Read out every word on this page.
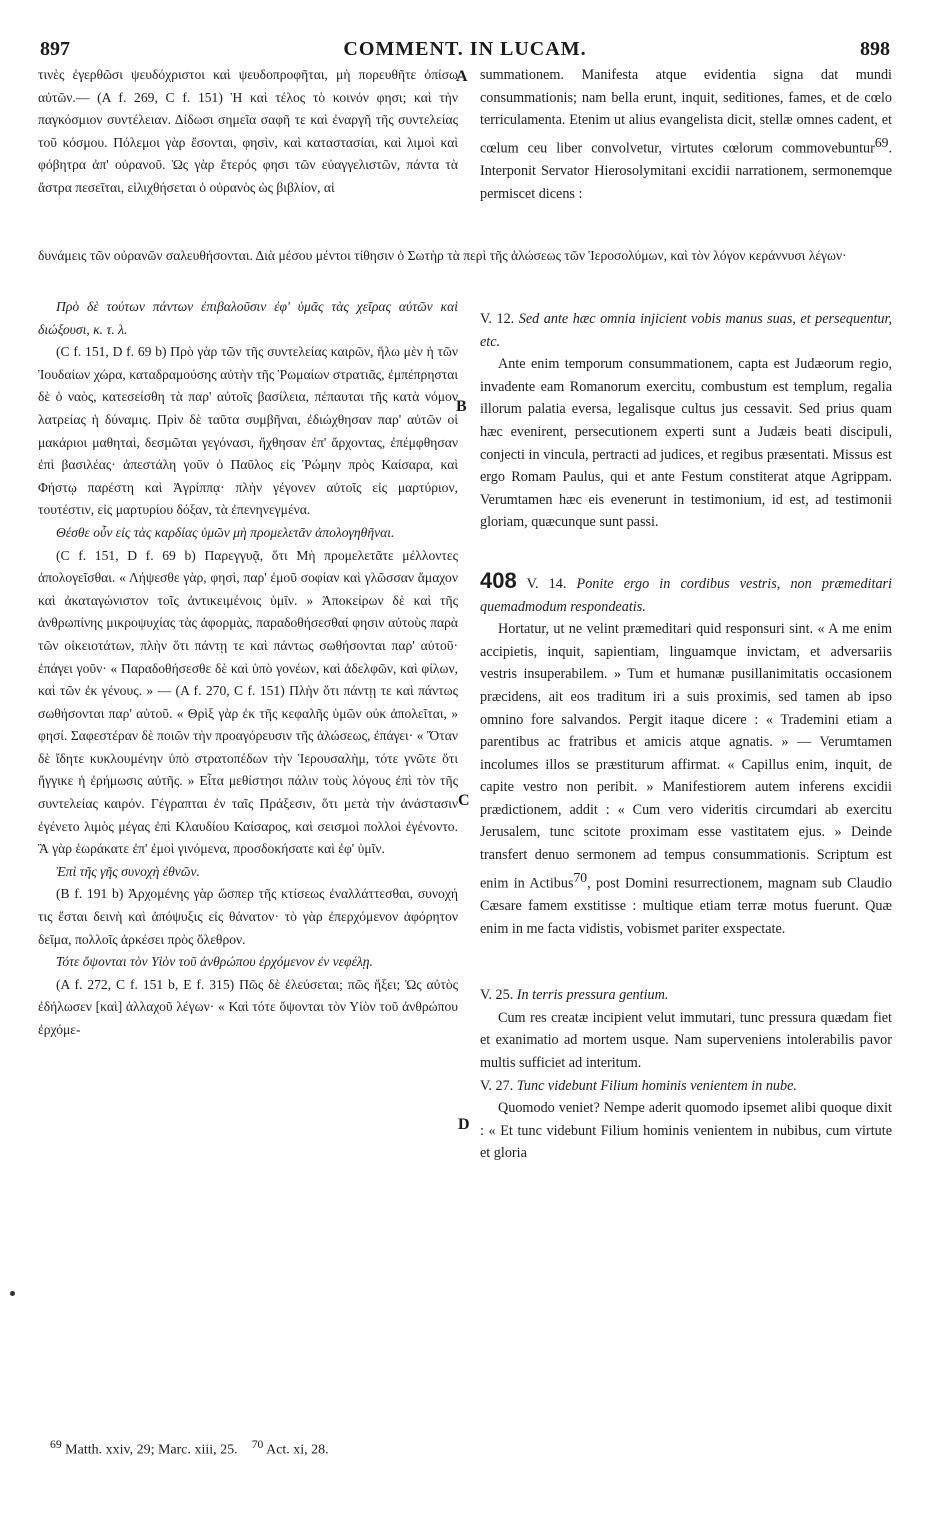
897	COMMENT. IN LUCAM.	898

τινὲς ἐγερθῶσι ψευδόχριστοι καὶ ψευδοπροφῆται, μὴ πορευθῆτε ὀπίσω αὐτῶν.— (A f. 269, C f. 151) Ἡ καὶ τέλος τὸ κοινόν φησι; καὶ τὴν παγκόσμιον συντέλειαν. Δίδωσι σημεῖα σαφῆ τε καὶ ἐναργῆ τῆς συντελείας τοῦ κόσμου. Πόλεμοι γὰρ ἔσονται, φησὶν, καὶ καταστασίαι, καὶ λιμοὶ καὶ φόβητρα ἀπ' οὐρανοῦ. Ὡς γὰρ ἕτερός φησι τῶν εὐαγγελιστῶν, πάντα τὰ ἄστρα πεσεῖται, εἱλιχθήσεται ὁ οὐρανὸς ὡς βιβλίον, αἱ

δυνάμεις τῶν οὐρανῶν σαλευθήσονται. Διὰ μέσου μέντοι τίθησιν ὁ Σωτὴρ τὰ περὶ τῆς ἁλώσεως τῶν Ἱεροσολύμων, καὶ τὸν λόγον κεράννυσι λέγων·

Πρὸ δὲ τούτων πάντων ἐπιβαλοῦσιν ἐφ' ὑμᾶς τὰς χεῖρας αὐτῶν καὶ διώξουσι, κ. τ. λ.

(C f. 151, D f. 69 b) Πρὸ γὰρ τῶν τῆς συντελείας καιρῶν, ἥλω μὲν ἡ τῶν Ἰουδαίων χώρα, καταδραμούσης αὐτὴν τῆς Ῥωμαίων στρατιᾶς, ἐμπέπρησται δὲ ὁ ναὸς, κατεσείσθη τὰ παρ' αὐτοῖς βασίλεια, πέπαυται τῆς κατὰ νόμον λατρείας ἡ δύναμις. Πρὶν δὲ ταῦτα συμβῆναι, ἐδιώχθησαν παρ' αὐτῶν οἱ μακάριοι μαθηταὶ, δεσμῶται γεγόνασι, ἤχθησαν ἐπ' ἄρχοντας, ἐπέμφθησαν ἐπὶ βασιλέας· ἀπεστάλη γοῦν ὁ Παῦλος εἰς Ῥώμην πρὸς Καίσαρα, καὶ Φήστῳ παρέστη καὶ Ἀγρίππᾳ· πλὴν γέγονεν αὐτοῖς εἰς μαρτύριον, τουτέστιν, εἰς μαρτυρίου δόξαν, τὰ ἐπενηνεγμένα.

Θέσθε οὖν εἰς τὰς καρδίας ὑμῶν μὴ προμελετᾶν ἀπολογηθῆναι.

(C f. 151, D f. 69 b) Παρεγγυᾷ, ὅτι Μὴ προμελετᾶτε μέλλοντες ἀπολογεῖσθαι. « Λήψεσθε γὰρ, φησὶ, παρ' ἐμοῦ σοφίαν καὶ γλῶσσαν ἄμαχον καὶ ἀκαταγώνιστον τοῖς ἀντικειμένοις ὑμῖν. » Ἀποκείρων δὲ καὶ τῆς ἀνθρωπίνης μικροψυχίας τὰς ἀφορμὰς, παραδοθήσεσθαί φησιν αὐτοὺς παρὰ τῶν οἰκειοτάτων, πλὴν ὅτι πάντῃ τε καὶ πάντως σωθήσονται παρ' αὐτοῦ· ἐπάγει γοῦν· « Παραδοθήσεσθε δὲ καὶ ὑπὸ γονέων, καὶ ἀδελφῶν, καὶ φίλων, καὶ τῶν ἐκ γένους. » — (A f. 270, C f. 151) Πλὴν ὅτι πάντῃ τε καὶ πάντως σωθήσονται παρ' αὐτοῦ. « Θρὶξ γὰρ ἐκ τῆς κεφαλῆς ὑμῶν οὐκ ἀπολεῖται, » φησί. Σαφεστέραν δὲ ποιῶν τὴν προαγόρευσιν τῆς ἁλώσεως, ἐπάγει· « Ὅταν δὲ ἴδητε κυκλουμένην ὑπὸ στρατοπέδων τὴν Ἱερουσαλὴμ, τότε γνῶτε ὅτι ἤγγικε ἡ ἐρήμωσις αὐτῆς. » Εἶτα μεθίστησι πάλιν τοὺς λόγους ἐπὶ τὸν τῆς συντελείας καιρόν. Γέγραπται ἐν ταῖς Πράξεσιν, ὅτι μετὰ τὴν ἀνάστασιν ἐγένετο λιμὸς μέγας ἐπὶ Κλαυδίου Καίσαρος, καὶ σεισμοὶ πολλοὶ ἐγένοντο. Ἃ γὰρ ἑωράκατε ἐπ' ἐμοὶ γινόμενα, προσδοκήσατε καὶ ἐφ' ὑμῖν.

Ἐπὶ τῆς γῆς συνοχὴ ἐθνῶν.

(B f. 191 b) Ἀρχομένης γὰρ ὥσπερ τῆς κτίσεως ἐναλλάττεσθαι, συνοχή τις ἔσται δεινὴ καὶ ἀπόψυξις εἰς θάνατον· τὸ γὰρ ἐπερχόμενον ἀφόρητον δεῖμα, πολλοῖς ἀρκέσει πρὸς ὄλεθρον.

Τότε ὄψονται τὸν Υἱὸν τοῦ ἀνθρώπου ἐρχόμενον ἐν νεφέλῃ.

(A f. 272, C f. 151 b, E f. 315) Πῶς δὲ ἐλεύσεται; πῶς ἥξει; Ὡς αὐτὸς ἐδήλωσεν [καὶ] ἀλλαχοῦ λέγων· « Καὶ τότε ὄψονται τὸν Υἱὸν τοῦ ἀνθρώπου ἐρχόμε-

summationem. Manifesta atque evidentia signa dat mundi consummationis; nam bella erunt, inquit, seditiones, fames, et de cœlo terriculamenta. Etenim ut alius evangelista dicit, stellæ omnes cadent, et cœlum ceu liber convolvetur, virtutes cœlorum commovebuntur$^{69}$. Interponit Servator Hierosolymitani excidii narrationem, sermonemque permiscet dicens :

V. 12. Sed ante hæc omnia injicient vobis manus suas, et persequentur, etc.

Ante enim temporum consummationem, capta est Judæorum regio, invadente eam Romanorum exercitu, combustum est templum, regalia illorum palatia eversa, legalisque cultus jus cessavit. Sed prius quam hæc evenirent, persecutionem experti sunt a Judæis beati discipuli, conjecti in vincula, pertracti ad judices, et regibus præsentati. Missus est ergo Romam Paulus, qui et ante Festum constiterat atque Agrippam. Verumtamen hæc eis evenerunt in testimonium, id est, ad testimonii gloriam, quæcunque sunt passi.

408 V. 14. Ponite ergo in cordibus vestris, non præmeditari quemadmodum respondeatis.

Hortatur, ut ne velint præmeditari quid responsuri sint. « A me enim accipietis, inquit, sapientiam, linguamque invictam, et adversariis vestris insuperabilem. » Tum et humanæ pusillanimitatis occasionem præcidens, ait eos traditum iri a suis proximis, sed tamen ab ipso omnino fore salvandos. Pergit itaque dicere : « Trademini etiam a parentibus ac fratribus et amicis atque agnatis. » — Verumtamen incolumes illos se præstiturum affirmat. « Capillus enim, inquit, de capite vestro non peribit. » Manifestiorem autem inferens excidii prædictionem, addit : « Cum vero videritis circumdari ab exercitu Jerusalem, tunc scitote proximam esse vastitatem ejus. » Deinde transfert denuo sermonem ad tempus consummationis. Scriptum est enim in Actibus$^{70}$, post Domini resurrectionem, magnam sub Claudio Cæsare famem exstitisse : multique etiam terræ motus fuerunt. Quæ enim in me facta vidistis, vobismet pariter exspectate.

V. 25. In terris pressura gentium.

Cum res creatæ incipient velut immutari, tunc pressura quædam fiet et exanimatio ad mortem usque. Nam superveniens intolerabilis pavor multis sufficiet ad interitum.

V. 27. Tunc videbunt Filium hominis venientem in nube.

Quomodo veniet? Nempe aderit quomodo ipsemet alibi quoque dixit : « Et tunc videbunt Filium hominis venientem in nubibus, cum virtute et gloria

A
B
C
D
$^{69}$ Matth. xxiv, 29; Marc. xiii, 25. $^{70}$ Act. xi, 28.
